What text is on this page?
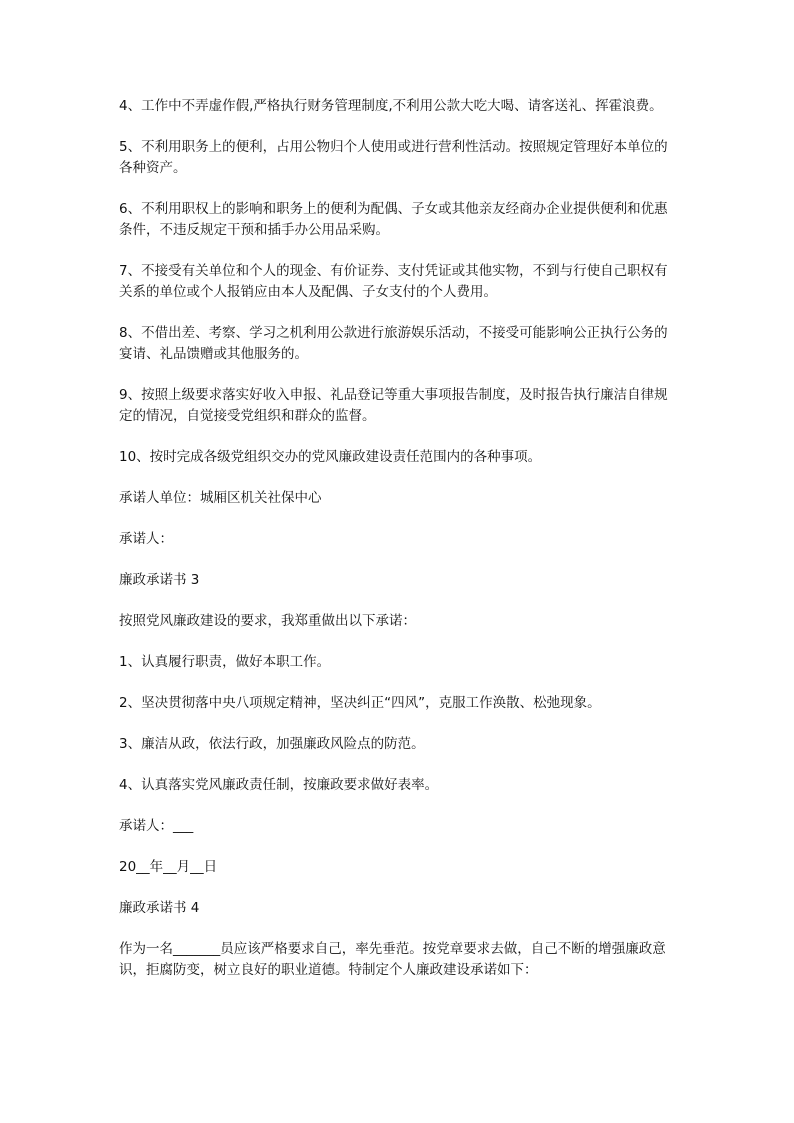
4、工作中不弄虚作假,严格执行财务管理制度,不利用公款大吃大喝、请客送礼、挥霍浪费。

5、不利用职务上的便利，占用公物归个人使用或进行营利性活动。按照规定管理好本单位的各种资产。

6、不利用职权上的影响和职务上的便利为配偶、子女或其他亲友经商办企业提供便利和优惠条件，不违反规定干预和插手办公用品采购。

7、不接受有关单位和个人的现金、有价证券、支付凭证或其他实物，不到与行使自己职权有关系的单位或个人报销应由本人及配偶、子女支付的个人费用。

8、不借出差、考察、学习之机利用公款进行旅游娱乐活动，不接受可能影响公正执行公务的宴请、礼品馈赠或其他服务的。

9、按照上级要求落实好收入申报、礼品登记等重大事项报告制度，及时报告执行廉洁自律规定的情况，自觉接受党组织和群众的监督。

10、按时完成各级党组织交办的党风廉政建设责任范围内的各种事项。

承诺人单位：城厢区机关社保中心

承诺人：

廉政承诺书 3

按照党风廉政建设的要求，我郑重做出以下承诺：

1、认真履行职责，做好本职工作。

2、坚决贯彻落中央八项规定精神，坚决纠正“四风”，克服工作涣散、松弛现象。

3、廉洁从政，依法行政，加强廉政风险点的防范。

4、认真落实党风廉政责任制，按廉政要求做好表率。

承诺人：___

20__年__月__日

廉政承诺书 4

作为一名_______员应该严格要求自己，率先垂范。按党章要求去做，自己不断的增强廉政意识，拒腐防变，树立良好的职业道德。特制定个人廉政建设承诺如下：
